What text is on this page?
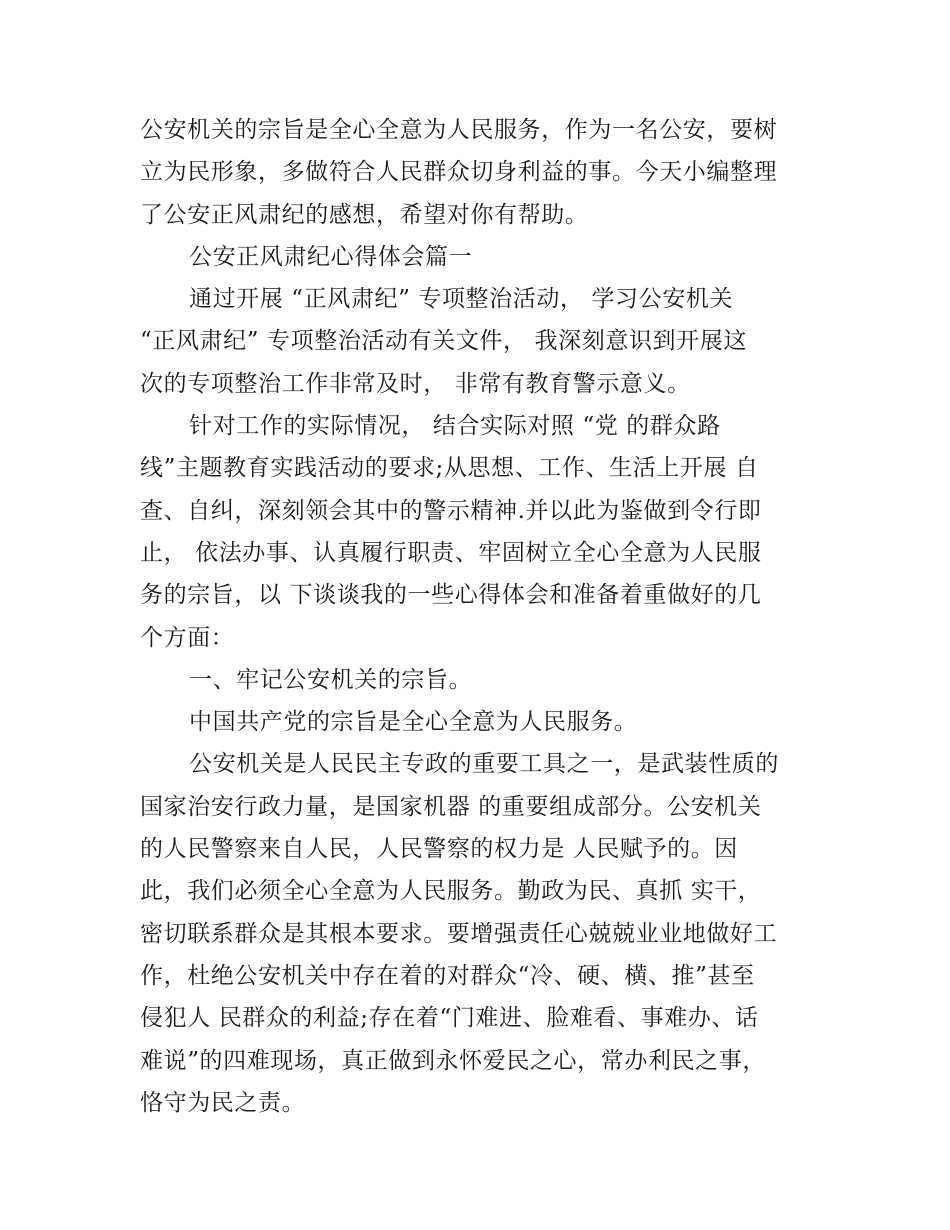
公安机关的宗旨是全心全意为人民服务，作为一名公安，要树
立为民形象，多做符合人民群众切身利益的事。今天小编整理
了公安正风肃纪的感想，希望对你有帮助。
公安正风肃纪心得体会篇一
通过开展 “正风肃纪” 专项整治活动， 学习公安机关
“正风肃纪” 专项整治活动有关文件， 我深刻意识到开展这
次的专项整治工作非常及时， 非常有教育警示意义。
针对工作的实际情况， 结合实际对照 “党 的群众路
线”主题教育实践活动的要求;从思想、工作、生活上开展 自
查、自纠，深刻领会其中的警示精神.并以此为鉴做到令行即
止， 依法办事、认真履行职责、牢固树立全心全意为人民服
务的宗旨，以 下谈谈我的一些心得体会和准备着重做好的几
个方面：
一、牢记公安机关的宗旨。
中国共产党的宗旨是全心全意为人民服务。
公安机关是人民民主专政的重要工具之一，是武装性质的
国家治安行政力量，是国家机器 的重要组成部分。公安机关
的人民警察来自人民，人民警察的权力是 人民赋予的。因
此，我们必须全心全意为人民服务。勤政为民、真抓 实干，
密切联系群众是其根本要求。要增强责任心兢兢业业地做好工
作，杜绝公安机关中存在着的对群众“冷、硬、横、推”甚至
侵犯人 民群众的利益;存在着“门难进、脸难看、事难办、话
难说”的四难现场，真正做到永怀爱民之心，常办利民之事，
恪守为民之责。
